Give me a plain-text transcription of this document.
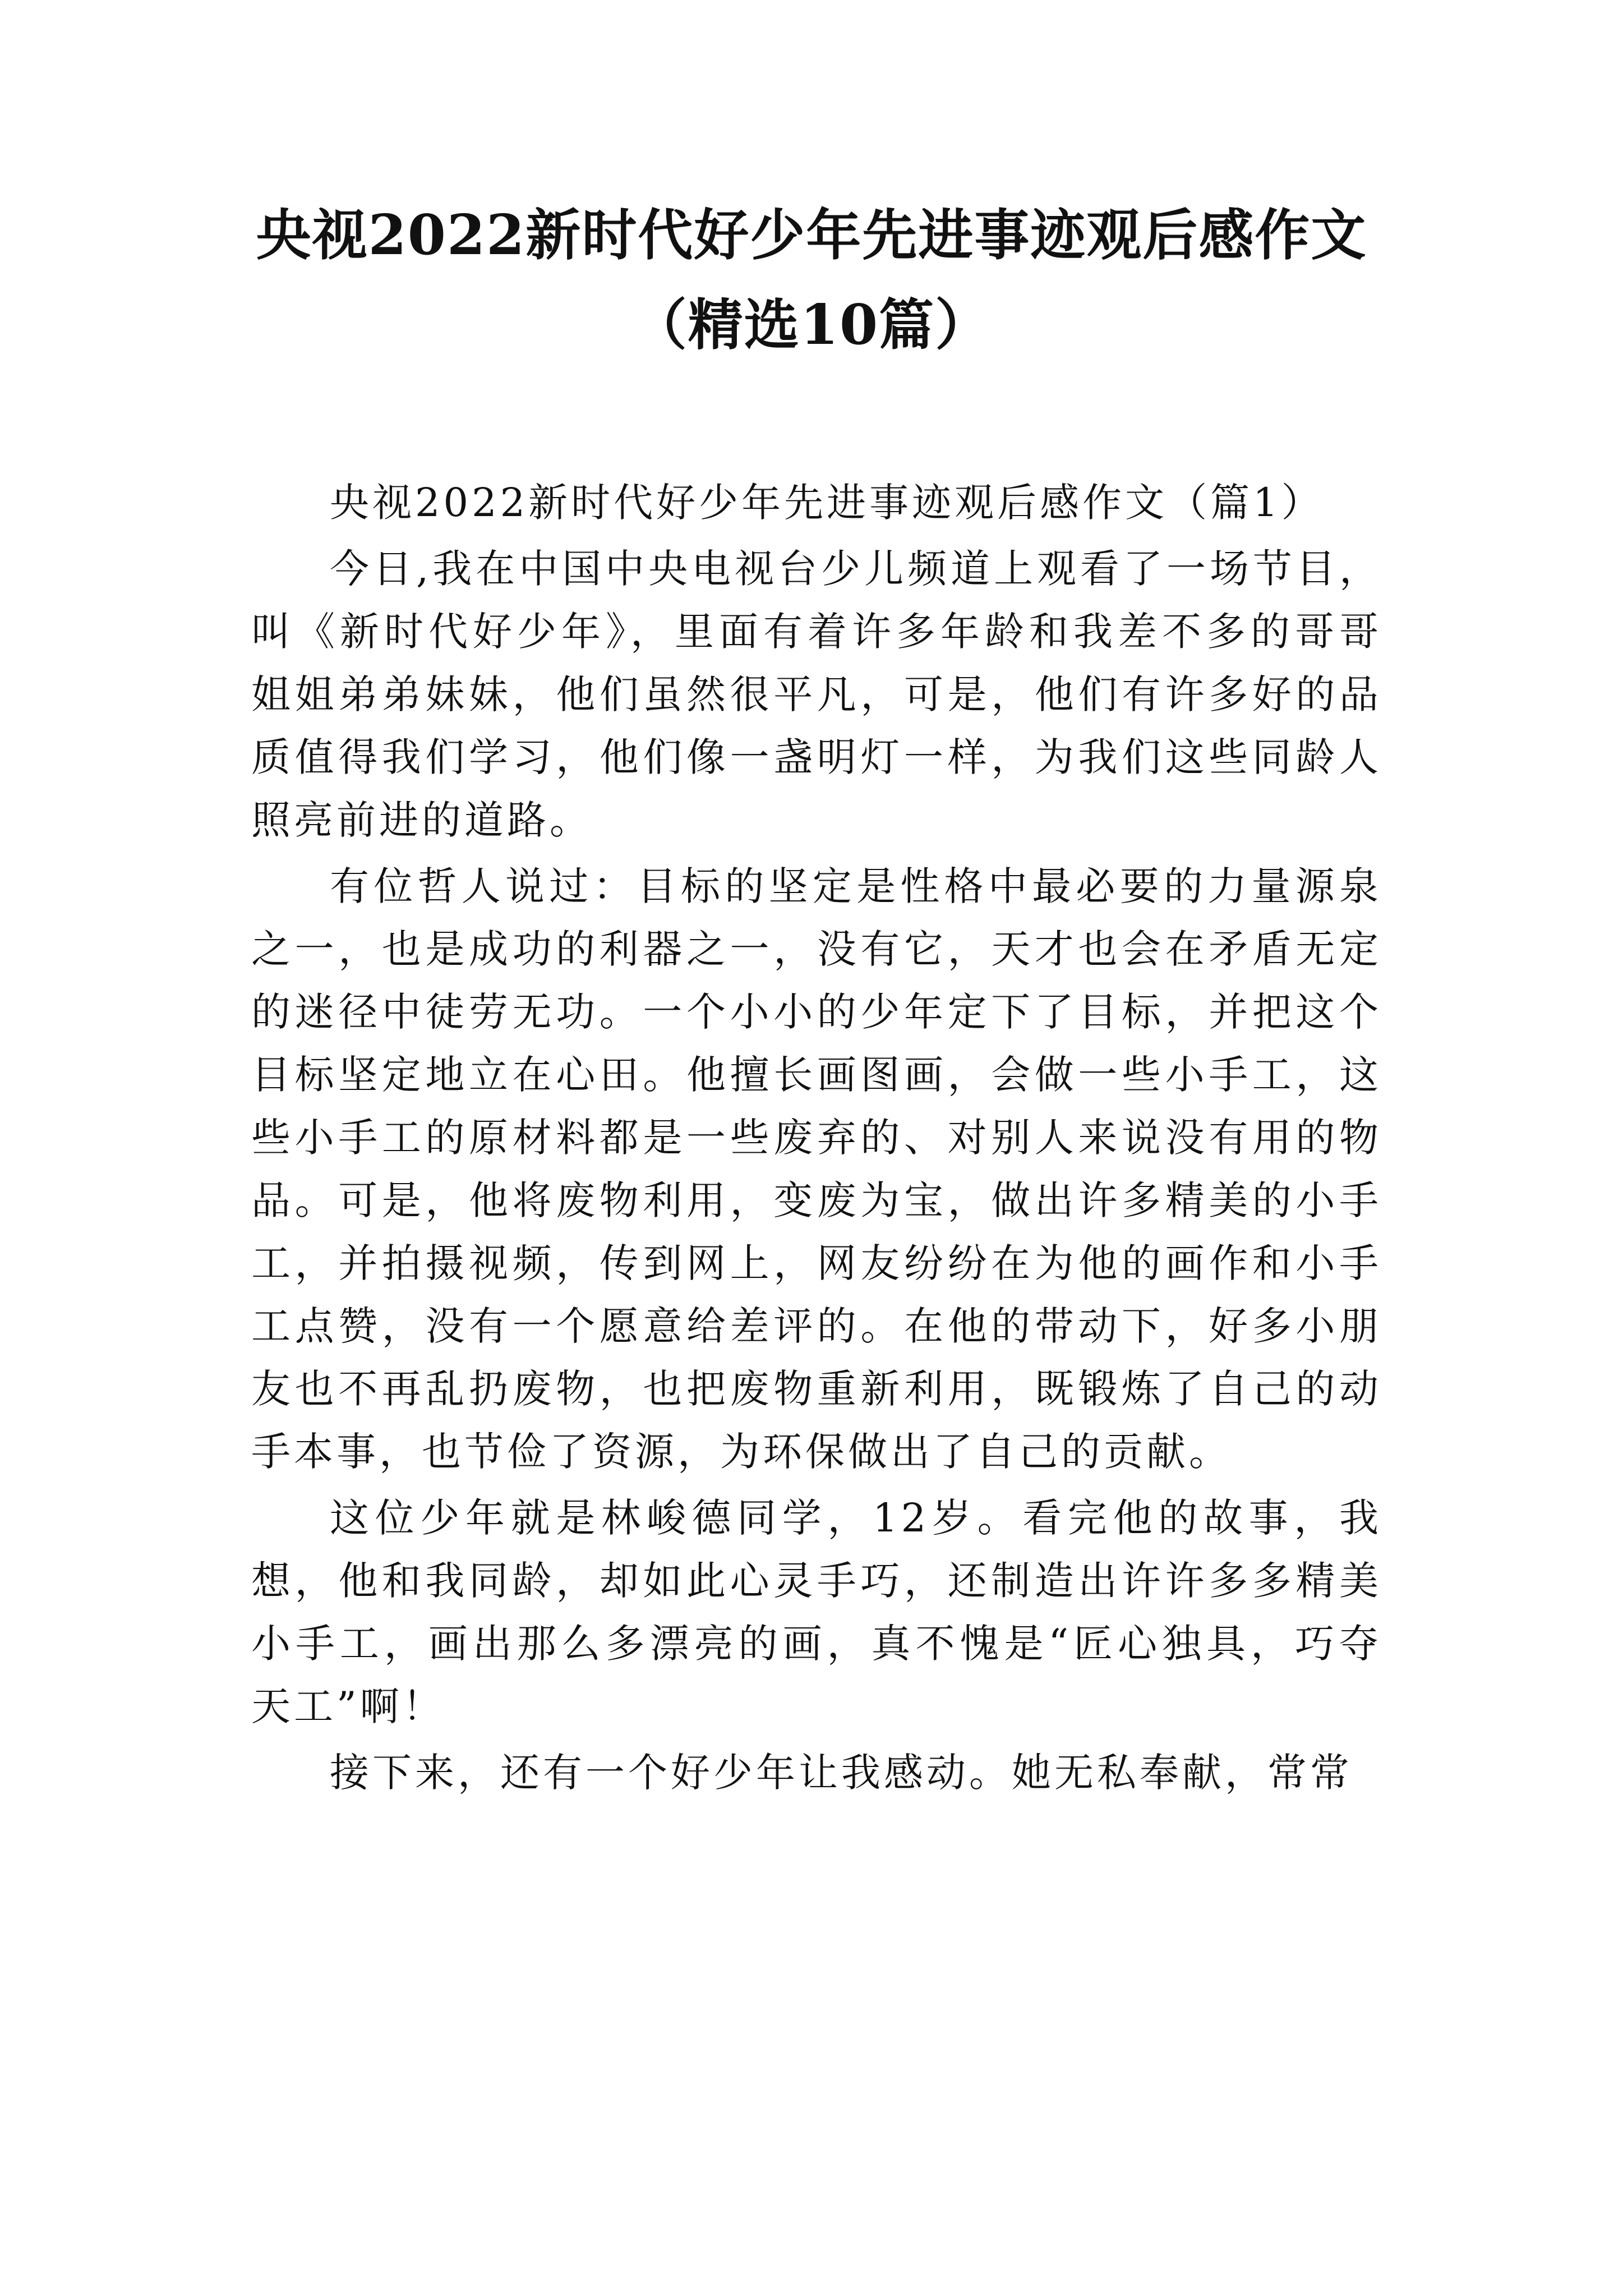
央视2022新时代好少年先进事迹观后感作文（精选10篇）

央视2022新时代好少年先进事迹观后感作文（篇1）

今日,我在中国中央电视台少儿频道上观看了一场节目，叫《新时代好少年》，里面有着许多年龄和我差不多的哥哥姐姐弟弟妹妹，他们虽然很平凡，可是，他们有许多好的品质值得我们学习，他们像一盏明灯一样，为我们这些同龄人照亮前进的道路。

有位哲人说过：目标的坚定是性格中最必要的力量源泉之一，也是成功的利器之一，没有它，天才也会在矛盾无定的迷径中徒劳无功。一个小小的少年定下了目标，并把这个目标坚定地立在心田。他擅长画图画，会做一些小手工，这些小手工的原材料都是一些废弃的、对别人来说没有用的物品。可是，他将废物利用，变废为宝，做出许多精美的小手工，并拍摄视频，传到网上，网友纷纷在为他的画作和小手工点赞，没有一个愿意给差评的。在他的带动下，好多小朋友也不再乱扔废物，也把废物重新利用，既锻炼了自己的动手本事，也节俭了资源，为环保做出了自己的贡献。

这位少年就是林峻德同学，12岁。看完他的故事，我想，他和我同龄，却如此心灵手巧，还制造出许许多多精美小手工，画出那么多漂亮的画，真不愧是“匠心独具，巧夺天工”啊！

接下来，还有一个好少年让我感动。她无私奉献，常常
